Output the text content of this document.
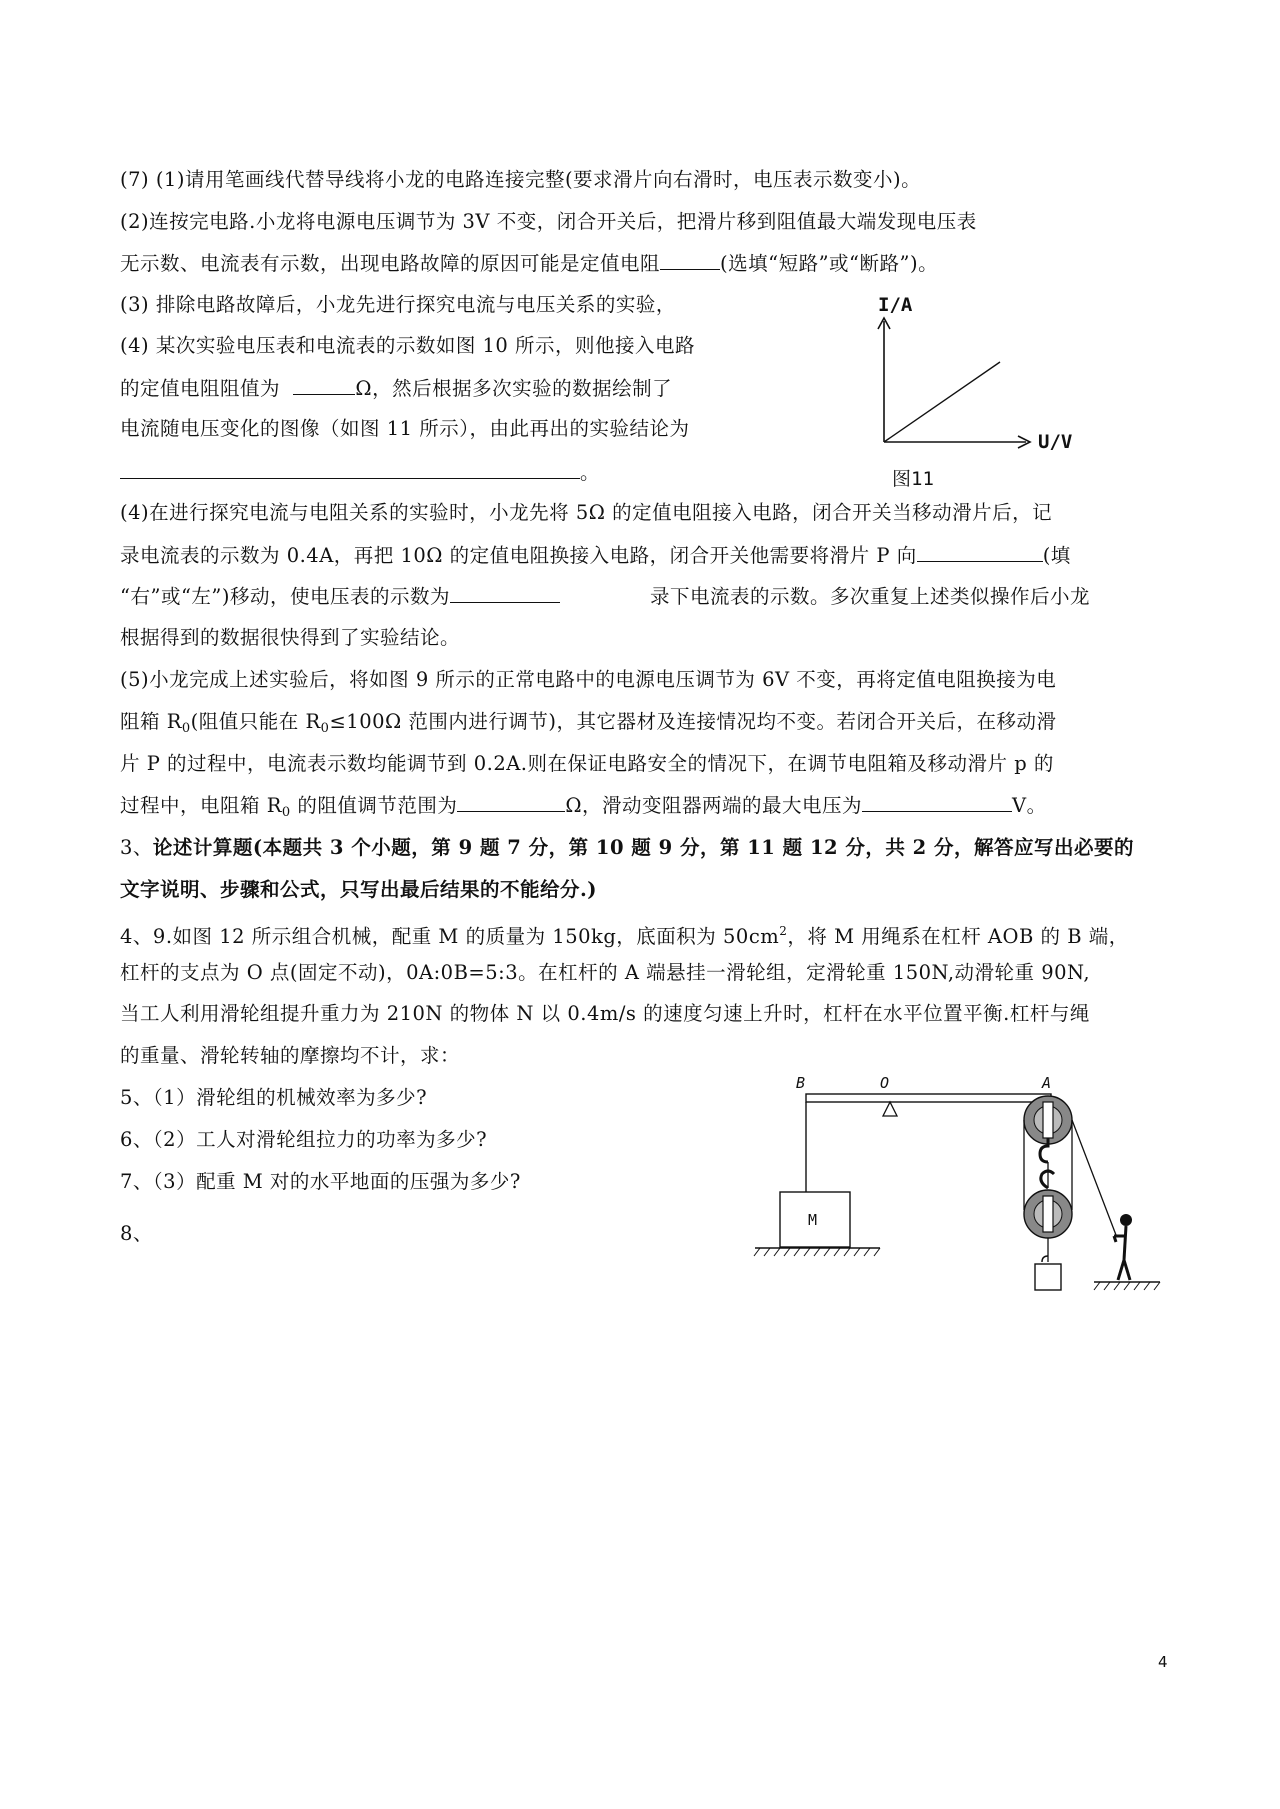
(7) (1)请用笔画线代替导线将小龙的电路连接完整(要求滑片向右滑时，电压表示数变小)。
(2)连按完电路.小龙将电源电压调节为 3V 不变，闭合开关后，把滑片移到阻值最大端发现电压表
无示数、电流表有示数，出现电路故障的原因可能是定值电阻	(选填“短路”或“断路”)。
(3) 排除电路故障后，小龙先进行探究电流与电压关系的实验，
(4) 某次实验电压表和电流表的示数如图 10 所示，则他接入电路
的定值电阻阻值为	Ω，然后根据多次实验的数据绘制了
电流随电压变化的图像（如图 11 所示），由此再出的实验结论为
。
I/A
U/V
图11
(4)在进行探究电流与电阻关系的实验时，小龙先将 5Ω 的定值电阻接入电路，闭合开关当移动滑片后，记
录电流表的示数为 0.4A，再把 10Ω 的定值电阻换接入电路，闭合开关他需要将滑片 P 向	(填
“右”或“左”)移动，使电压表的示数为	录下电流表的示数。多次重复上述类似操作后小龙
根据得到的数据很快得到了实验结论。
(5)小龙完成上述实验后，将如图 9 所示的正常电路中的电源电压调节为 6V 不变，再将定值电阻换接为电
阻箱 $R_0$(阻值只能在 $R_0\le 100\Omega$ 范围内进行调节)，其它器材及连接情况均不变。若闭合开关后，在移动滑
片 P 的过程中，电流表示数均能调节到 0.2A.则在保证电路安全的情况下，在调节电阻箱及移动滑片 p 的
过程中，电阻箱 $R_0$ 的阻值调节范围为	Ω，滑动变阻器两端的最大电压为	V。
3、论述计算题(本题共 3 个小题，第 9 题 7 分，第 10 题 9 分，第 11 题 12 分，共 2 分，解答应写出必要的
文字说明、步骤和公式，只写出最后结果的不能给分.)
4、9.如图 12 所示组合机械，配重 M 的质量为 150kg，底面积为 $50cm^2$，将 M 用绳系在杠杆 AOB 的 B 端，
杠杆的支点为 O 点(固定不动)，0A:0B=5:3。在杠杆的 A 端悬挂一滑轮组，定滑轮重 150N,动滑轮重 90N,
当工人利用滑轮组提升重力为 210N 的物体 N 以 0.4m/s 的速度匀速上升时，杠杆在水平位置平衡.杠杆与绳
的重量、滑轮转轴的摩擦均不计，求：
5、（1）滑轮组的机械效率为多少?
6、（2）工人对滑轮组拉力的功率为多少?
7、（3）配重 M 对的水平地面的压强为多少?
8、
B	O	A
M
4
